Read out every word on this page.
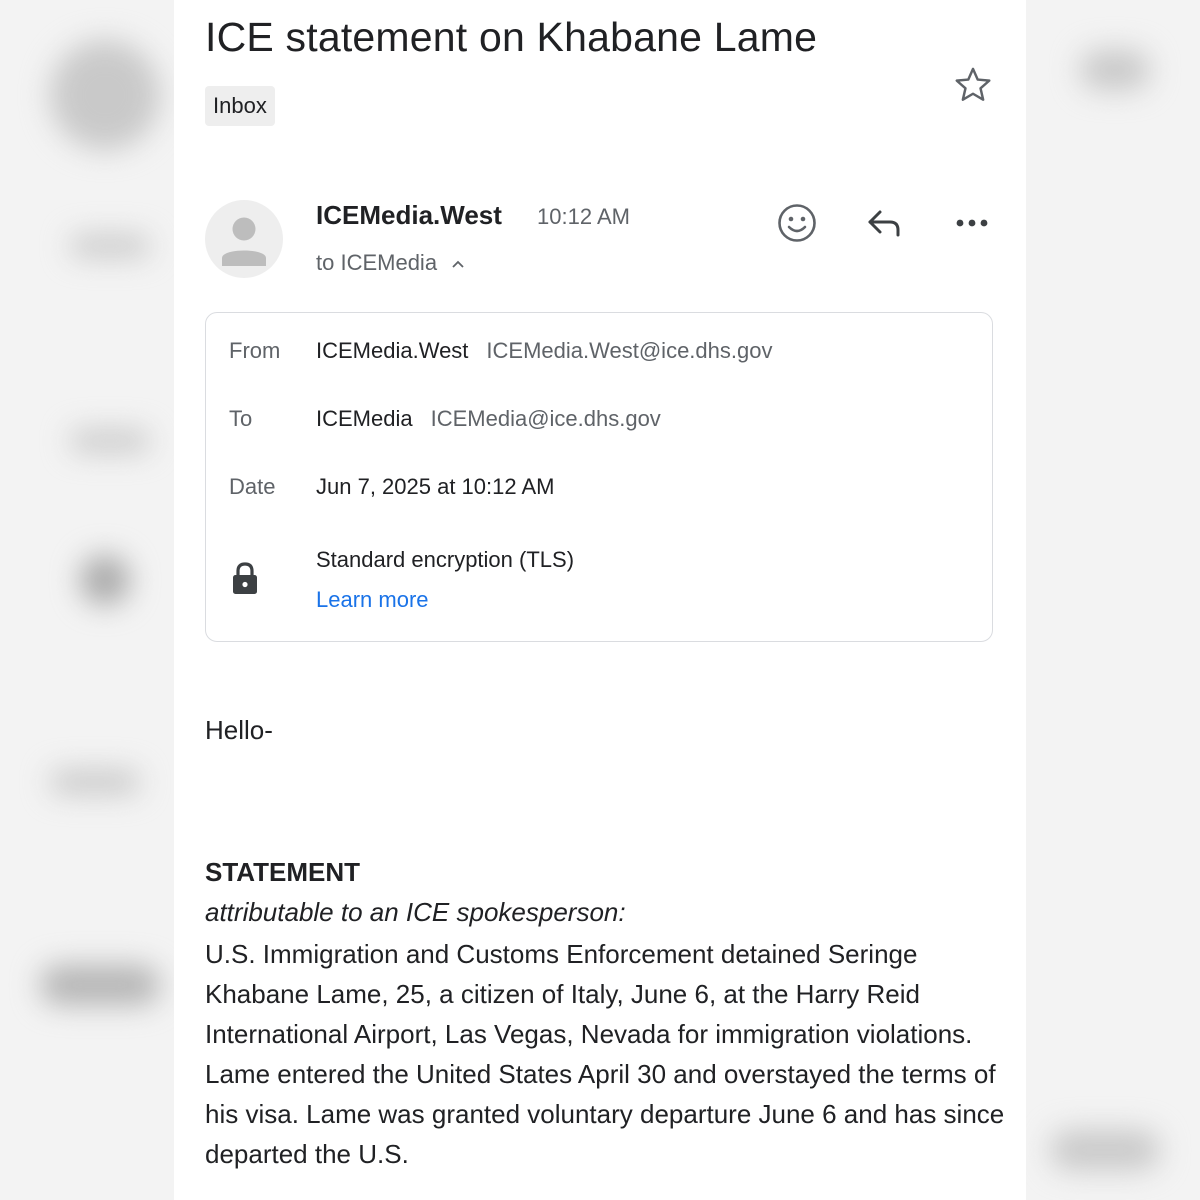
ICE statement on Khabane Lame
Inbox
ICEMedia.West 10:12 AM
to ICEMedia
From ICEMedia.West ICEMedia.West@ice.dhs.gov
To	ICEMedia ICEMedia@ice.dhs.gov
Date Jun 7, 2025 at 10:12 AM
Standard encryption (TLS)
Learn more
Hello-
STATEMENT
attributable to an ICE spokesperson:

U.S. Immigration and Customs Enforcement detained Seringe Khabane Lame, 25, a citizen of Italy, June 6, at the Harry Reid International Airport, Las Vegas, Nevada for immigration violations. Lame entered the United States April 30 and overstayed the terms of his visa. Lame was granted voluntary departure June 6 and has since departed the U.S.
